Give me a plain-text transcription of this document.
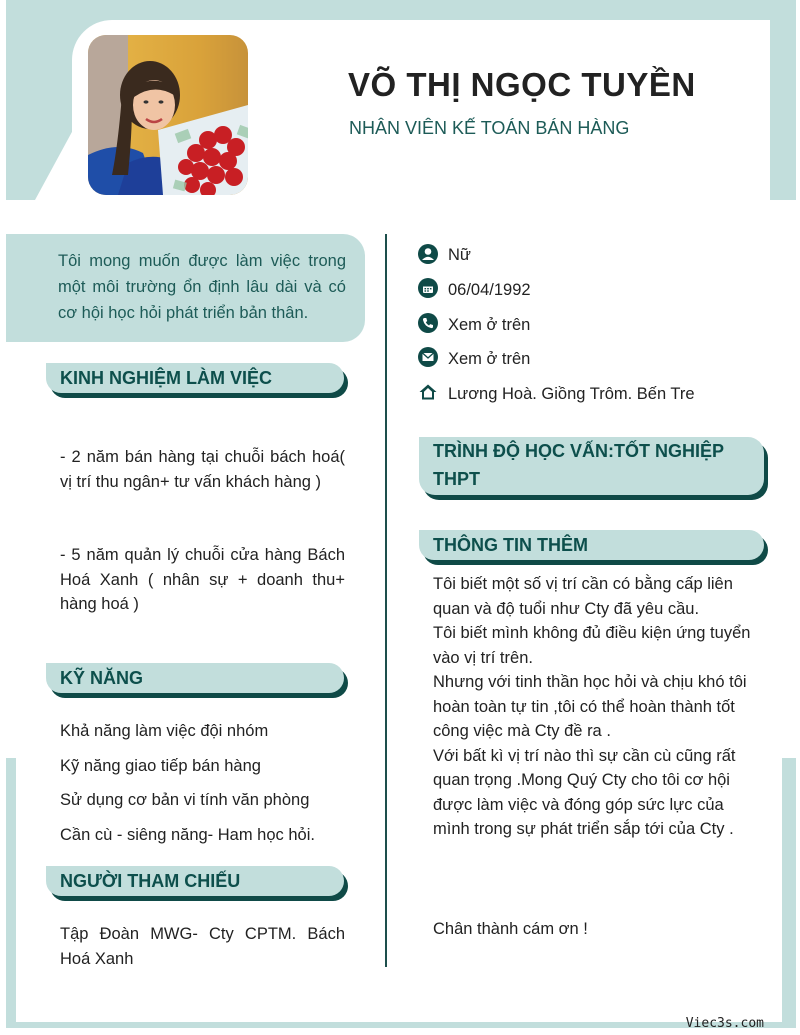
VÕ THỊ NGỌC TUYỀN
NHÂN VIÊN KẾ TOÁN BÁN HÀNG
Tôi mong muốn được làm việc trong một môi trường ổn định lâu dài và có cơ hội học hỏi phát triển bản thân.
KINH NGHIỆM LÀM VIỆC
- 2 năm bán hàng tại chuỗi bách hoá( vị trí thu ngân+ tư vấn khách hàng )
- 5 năm quản lý chuỗi cửa hàng Bách Hoá Xanh ( nhân sự + doanh thu+ hàng hoá )
KỸ NĂNG
Khả năng làm việc đội nhóm
Kỹ năng giao tiếp bán hàng
Sử dụng cơ bản vi tính văn phòng
Cần cù - siêng năng- Ham học hỏi.
NGƯỜI THAM CHIẾU
Tập Đoàn MWG- Cty CPTM. Bách Hoá Xanh
Nữ
06/04/1992
Xem ở trên
Xem ở trên
Lương Hoà. Giồng Trôm. Bến Tre
TRÌNH ĐỘ HỌC VẤN:TỐT NGHIỆP THPT
THÔNG TIN THÊM
Tôi biết một số vị trí cần có bằng cấp liên quan và độ tuổi như Cty đã yêu cầu.
Tôi biết mình không đủ điều kiện ứng tuyển vào vị trí trên.
Nhưng với tinh thần học hỏi và chịu khó tôi hoàn toàn tự tin ,tôi có thể hoàn thành tốt công việc mà Cty đề ra .
Với bất kì vị trí nào thì sự cần cù cũng rất quan trọng .Mong Quý Cty cho tôi cơ hội được làm việc và đóng góp sức lực của mình trong sự phát triển sắp tới của Cty .
Chân thành cám ơn !
Viec3s.com
